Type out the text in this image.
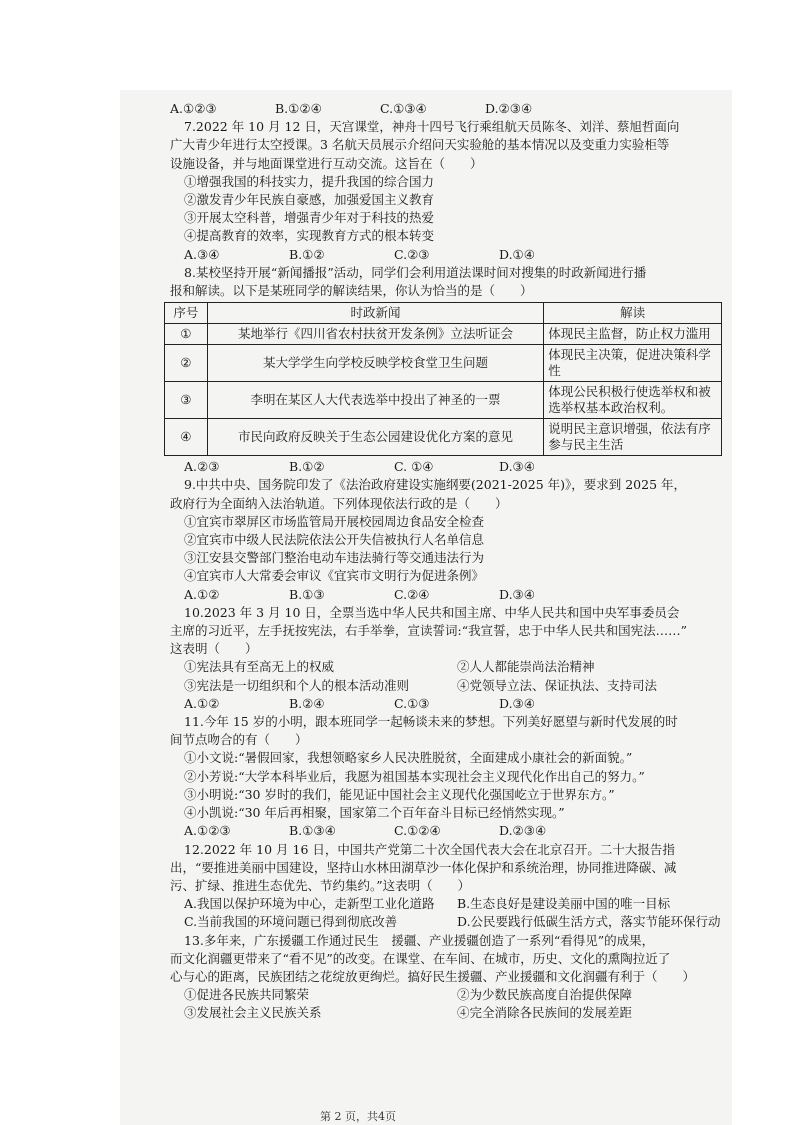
A.①②③	B.①②④	C.①③④	D.②③④
7.2022 年 10 月 12 日，天宫课堂，神舟十四号飞行乘组航天员陈冬、刘洋、蔡旭哲面向
广大青少年进行太空授课。3 名航天员展示介绍问天实验舱的基本情况以及变重力实验柜等
设施设备，并与地面课堂进行互动交流。这旨在（　　）
①增强我国的科技实力，提升我国的综合国力
②激发青少年民族自豪感，加强爱国主义教育
③开展太空科普，增强青少年对于科技的热爱
④提高教育的效率，实现教育方式的根本转变
A.③④	B.①②	C.②③	D.①④
8.某校坚持开展“新闻播报”活动，同学们会利用道法课时间对搜集的时政新闻进行播
报和解读。以下是某班同学的解读结果，你认为恰当的是（　　）
序号	时政新闻	解读
①	某地举行《四川省农村扶贫开发条例》立法听证会	体现民主监督，防止权力滥用
②	某大学学生向学校反映学校食堂卫生问题	体现民主决策，促进决策科学性
③	李明在某区人大代表选举中投出了神圣的一票	体现公民积极行使选举权和被选举权基本政治权利。
④	市民向政府反映关于生态公园建设优化方案的意见	说明民主意识增强，依法有序参与民主生活
A.②③	B.①②	C. ①④	D.③④
9.中共中央、国务院印发了《法治政府建设实施纲要(2021-2025 年)》，要求到 2025 年，
政府行为全面纳入法治轨道。下列体现依法行政的是（　　）
①宜宾市翠屏区市场监管局开展校园周边食品安全检查
②宜宾市中级人民法院依法公开失信被执行人名单信息
③江安县交警部门整治电动车违法骑行等交通违法行为
④宜宾市人大常委会审议《宜宾市文明行为促进条例》
A.①②	B.①③	C.②④	D.③④
10.2023 年 3 月 10 日，全票当选中华人民共和国主席、中华人民共和国中央军事委员会
主席的习近平，左手抚按宪法，右手举拳，宣读誓词:“我宣誓，忠于中华人民共和国宪法……”
这表明（　　）
①宪法具有至高无上的权威	②人人都能崇尚法治精神
③宪法是一切组织和个人的根本活动准则	④党领导立法、保证执法、支持司法
A.①②	B.②④	C.①③	D.③④
11.今年 15 岁的小明，跟本班同学一起畅谈未来的梦想。下列美好愿望与新时代发展的时
间节点吻合的有（　　）
①小文说:“暑假回家，我想领略家乡人民决胜脱贫，全面建成小康社会的新面貌。”
②小芳说:“大学本科毕业后，我愿为祖国基本实现社会主义现代化作出自己的努力。”
③小明说:“30 岁时的我们，能见证中国社会主义现代化强国屹立于世界东方。”
④小凯说:“30 年后再相聚，国家第二个百年奋斗目标已经悄然实现。”
A.①②③	B.①③④	C.①②④	D.②③④
12.2022 年 10 月 16 日，中国共产党第二十次全国代表大会在北京召开。二十大报告指
出，“要推进美丽中国建设，坚持山水林田湖草沙一体化保护和系统治理，协同推进降碳、减
污、扩绿、推进生态优先、节约集约。”这表明（　　）
A.我国以保护环境为中心，走新型工业化道路	B.生态良好是建设美丽中国的唯一目标
C.当前我国的环境问题已得到彻底改善	D.公民要践行低碳生活方式，落实节能环保行动
13.多年来，广东援疆工作通过民生　援疆、产业援疆创造了一系列“看得见”的成果，
而文化润疆更带来了“看不见”的改变。在课堂、在车间、在城市，历史、文化的熏陶拉近了
心与心的距离，民族团结之花绽放更绚烂。搞好民生援疆、产业援疆和文化润疆有利于（　　）
①促进各民族共同繁荣	②为少数民族高度自治提供保障
③发展社会主义民族关系	④完全消除各民族间的发展差距
第 2 页，共4页
